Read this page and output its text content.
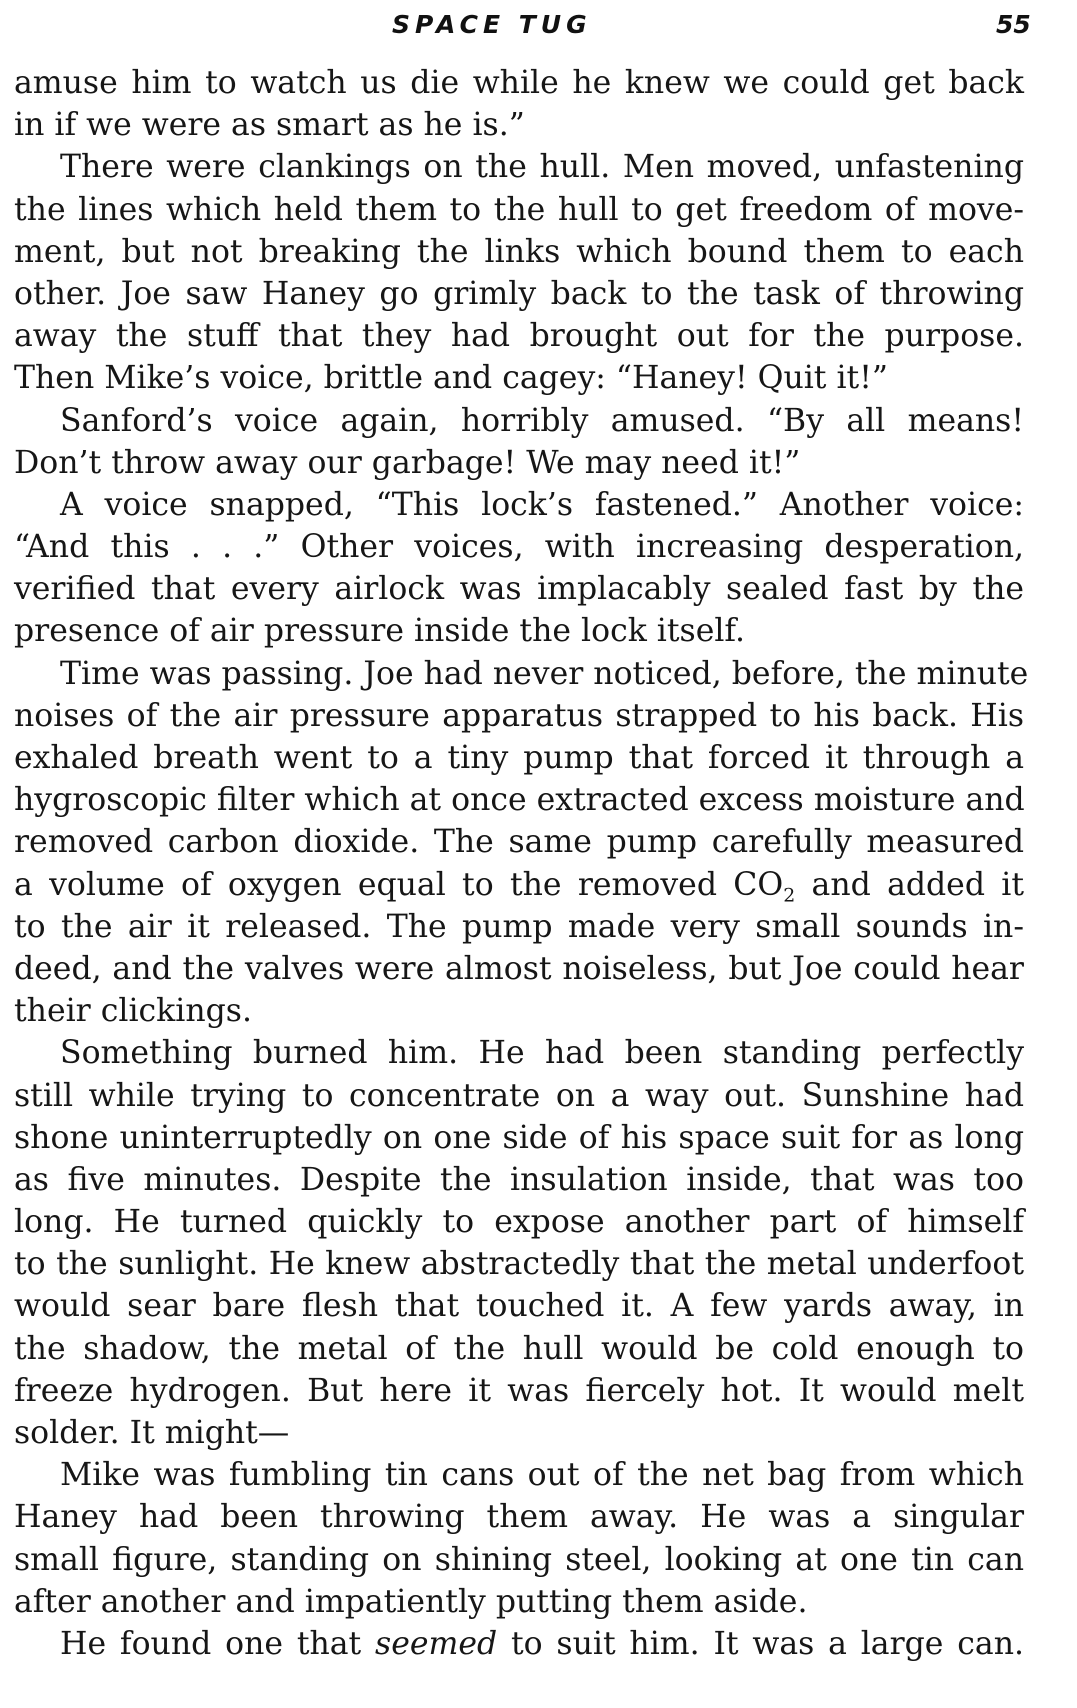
SPACE TUG	55
amuse him to watch us die while he knew we could get back
in if we were as smart as he is.”
There were clankings on the hull. Men moved, unfastening
the lines which held them to the hull to get freedom of move-
ment, but not breaking the links which bound them to each
other. Joe saw Haney go grimly back to the task of throwing
away the stuff that they had brought out for the purpose.
Then Mike’s voice, brittle and cagey: “Haney! Quit it!”
Sanford’s voice again, horribly amused. “By all means!
Don’t throw away our garbage! We may need it!”
A voice snapped, “This lock’s fastened.” Another voice:
“And this . . .” Other voices, with increasing desperation,
verified that every airlock was implacably sealed fast by the
presence of air pressure inside the lock itself.
Time was passing. Joe had never noticed, before, the minute
noises of the air pressure apparatus strapped to his back. His
exhaled breath went to a tiny pump that forced it through a
hygroscopic filter which at once extracted excess moisture and
removed carbon dioxide. The same pump carefully measured
a volume of oxygen equal to the removed $CO_2$ and added it
to the air it released. The pump made very small sounds in-
deed, and the valves were almost noiseless, but Joe could hear
their clickings.
Something burned him. He had been standing perfectly
still while trying to concentrate on a way out. Sunshine had
shone uninterruptedly on one side of his space suit for as long
as five minutes. Despite the insulation inside, that was too
long. He turned quickly to expose another part of himself
to the sunlight. He knew abstractedly that the metal underfoot
would sear bare flesh that touched it. A few yards away, in
the shadow, the metal of the hull would be cold enough to
freeze hydrogen. But here it was fiercely hot. It would melt
solder. It might—
Mike was fumbling tin cans out of the net bag from which
Haney had been throwing them away. He was a singular
small figure, standing on shining steel, looking at one tin can
after another and impatiently putting them aside.
He found one that seemed to suit him. It was a large can.
